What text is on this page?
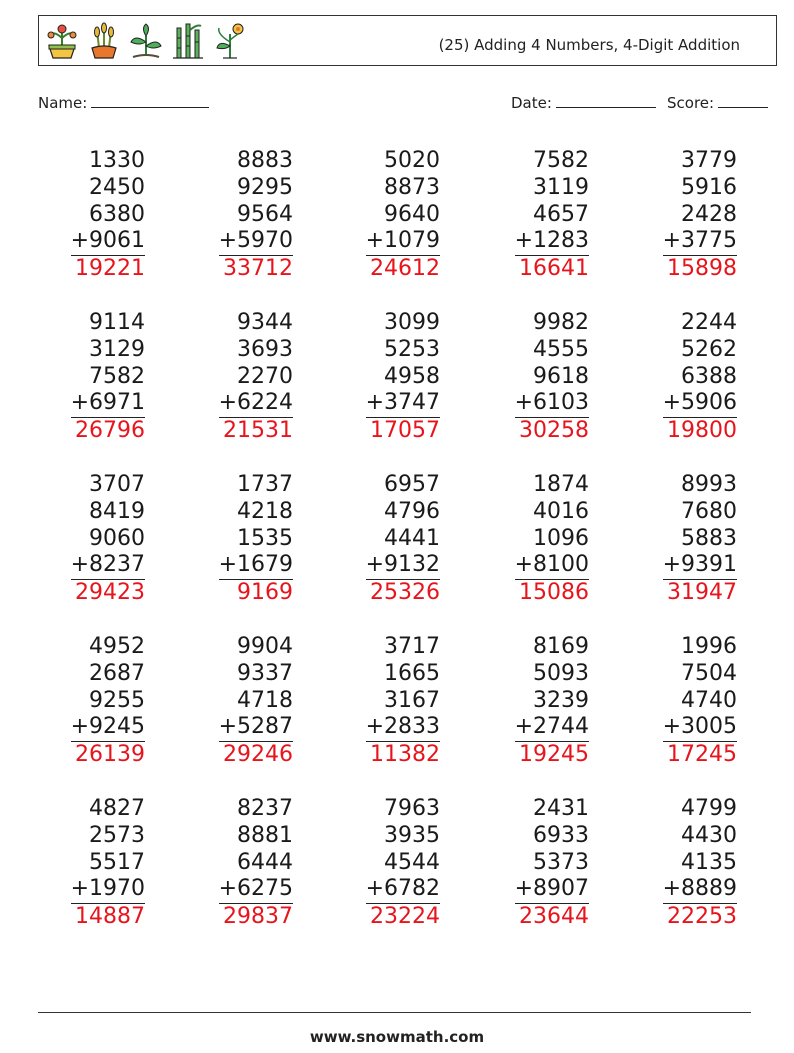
(25) Adding 4 Numbers, 4-Digit Addition
Name:	Date:	Score:
1330
2450
6380
+9061
19221
8883
9295
9564
+5970
33712
5020
8873
9640
+1079
24612
7582
3119
4657
+1283
16641
3779
5916
2428
+3775
15898
9114
3129
7582
+6971
26796
9344
3693
2270
+6224
21531
3099
5253
4958
+3747
17057
9982
4555
9618
+6103
30258
2244
5262
6388
+5906
19800
3707
8419
9060
+8237
29423
1737
4218
1535
+1679
9169
6957
4796
4441
+9132
25326
1874
4016
1096
+8100
15086
8993
7680
5883
+9391
31947
4952
2687
9255
+9245
26139
9904
9337
4718
+5287
29246
3717
1665
3167
+2833
11382
8169
5093
3239
+2744
19245
1996
7504
4740
+3005
17245
4827
2573
5517
+1970
14887
8237
8881
6444
+6275
29837
7963
3935
4544
+6782
23224
2431
6933
5373
+8907
23644
4799
4430
4135
+8889
22253
www.snowmath.com
